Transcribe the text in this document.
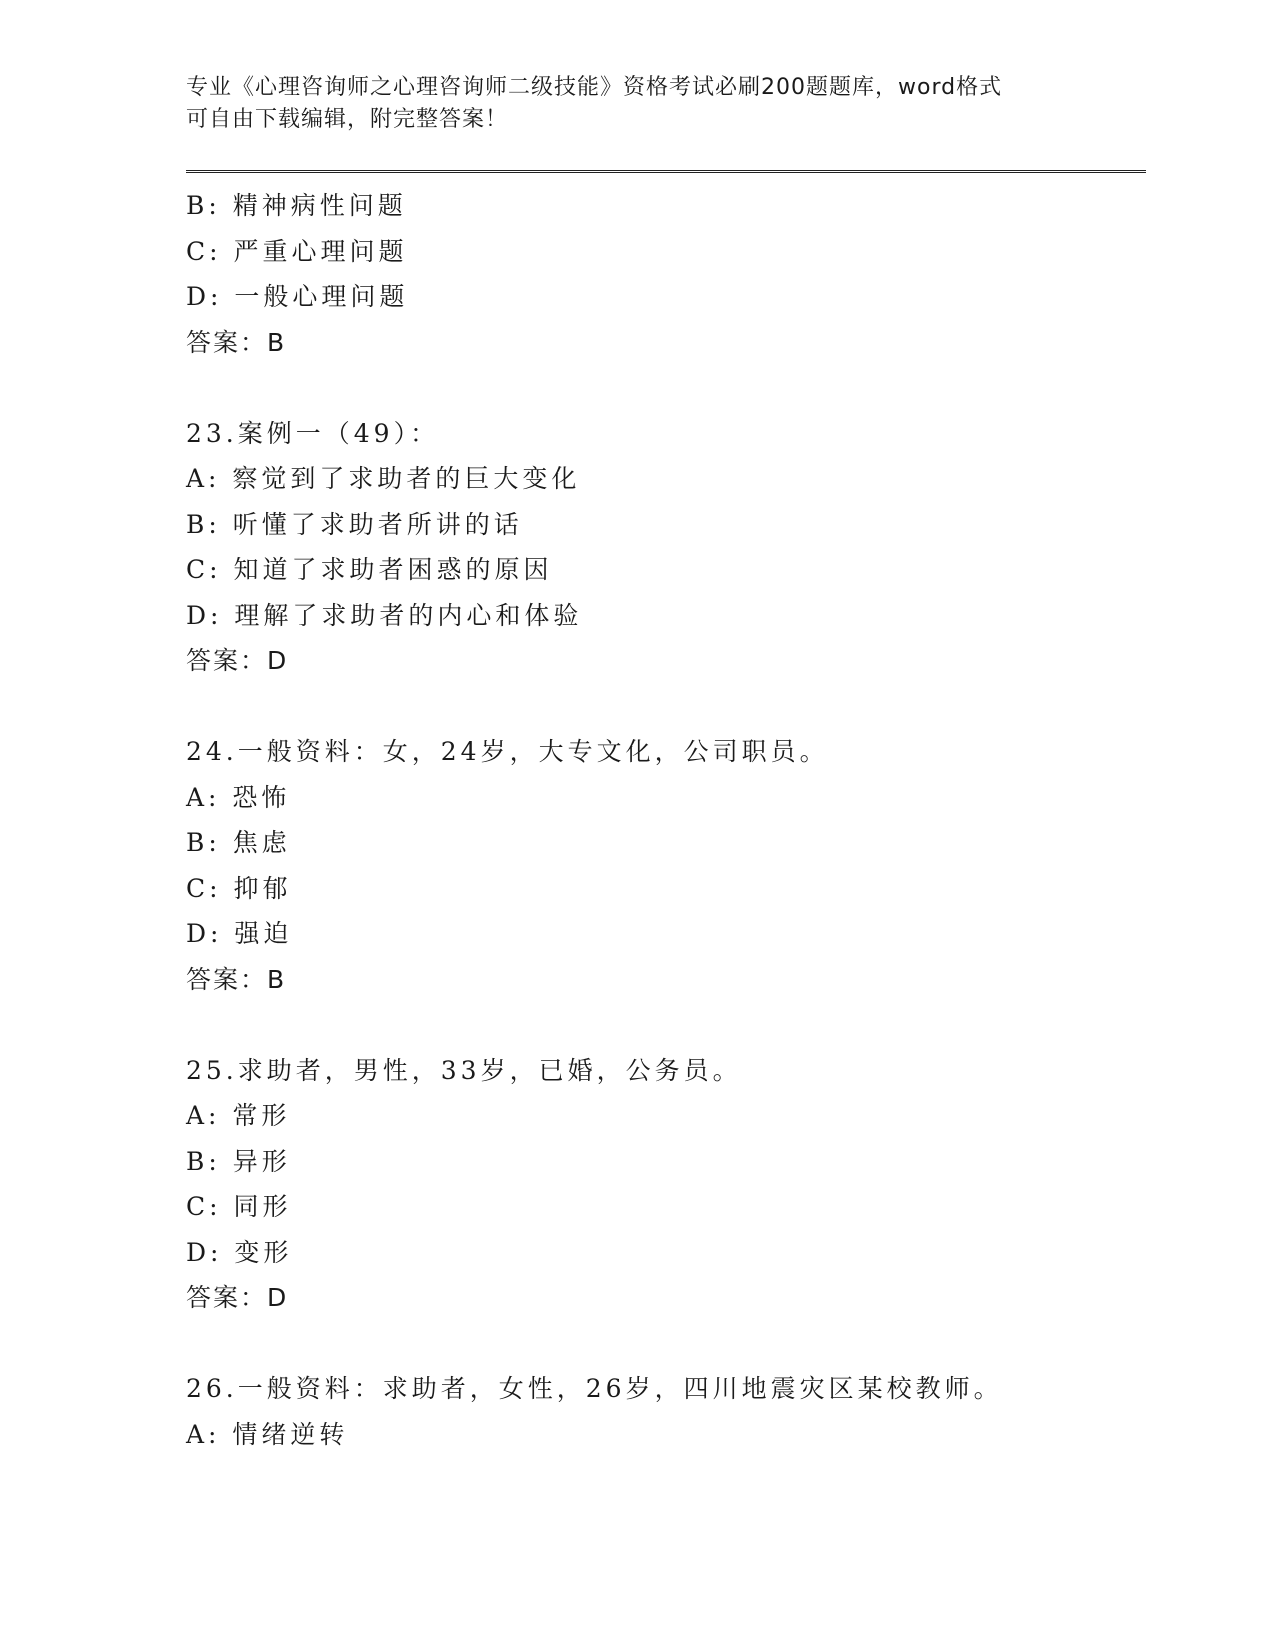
专业《心理咨询师之心理咨询师二级技能》资格考试必刷200题题库，word格式
可自由下载编辑，附完整答案！
B: 精神病性问题
C: 严重心理问题
D: 一般心理问题
答案：B
23.案例一（49）：
A: 察觉到了求助者的巨大变化
B: 听懂了求助者所讲的话
C: 知道了求助者困惑的原因
D: 理解了求助者的内心和体验
答案：D
24.一般资料：女，24岁，大专文化，公司职员。
A: 恐怖
B: 焦虑
C: 抑郁
D: 强迫
答案：B
25.求助者，男性，33岁，已婚，公务员。
A: 常形
B: 异形
C: 同形
D: 变形
答案：D
26.一般资料：求助者，女性，26岁，四川地震灾区某校教师。
A: 情绪逆转
